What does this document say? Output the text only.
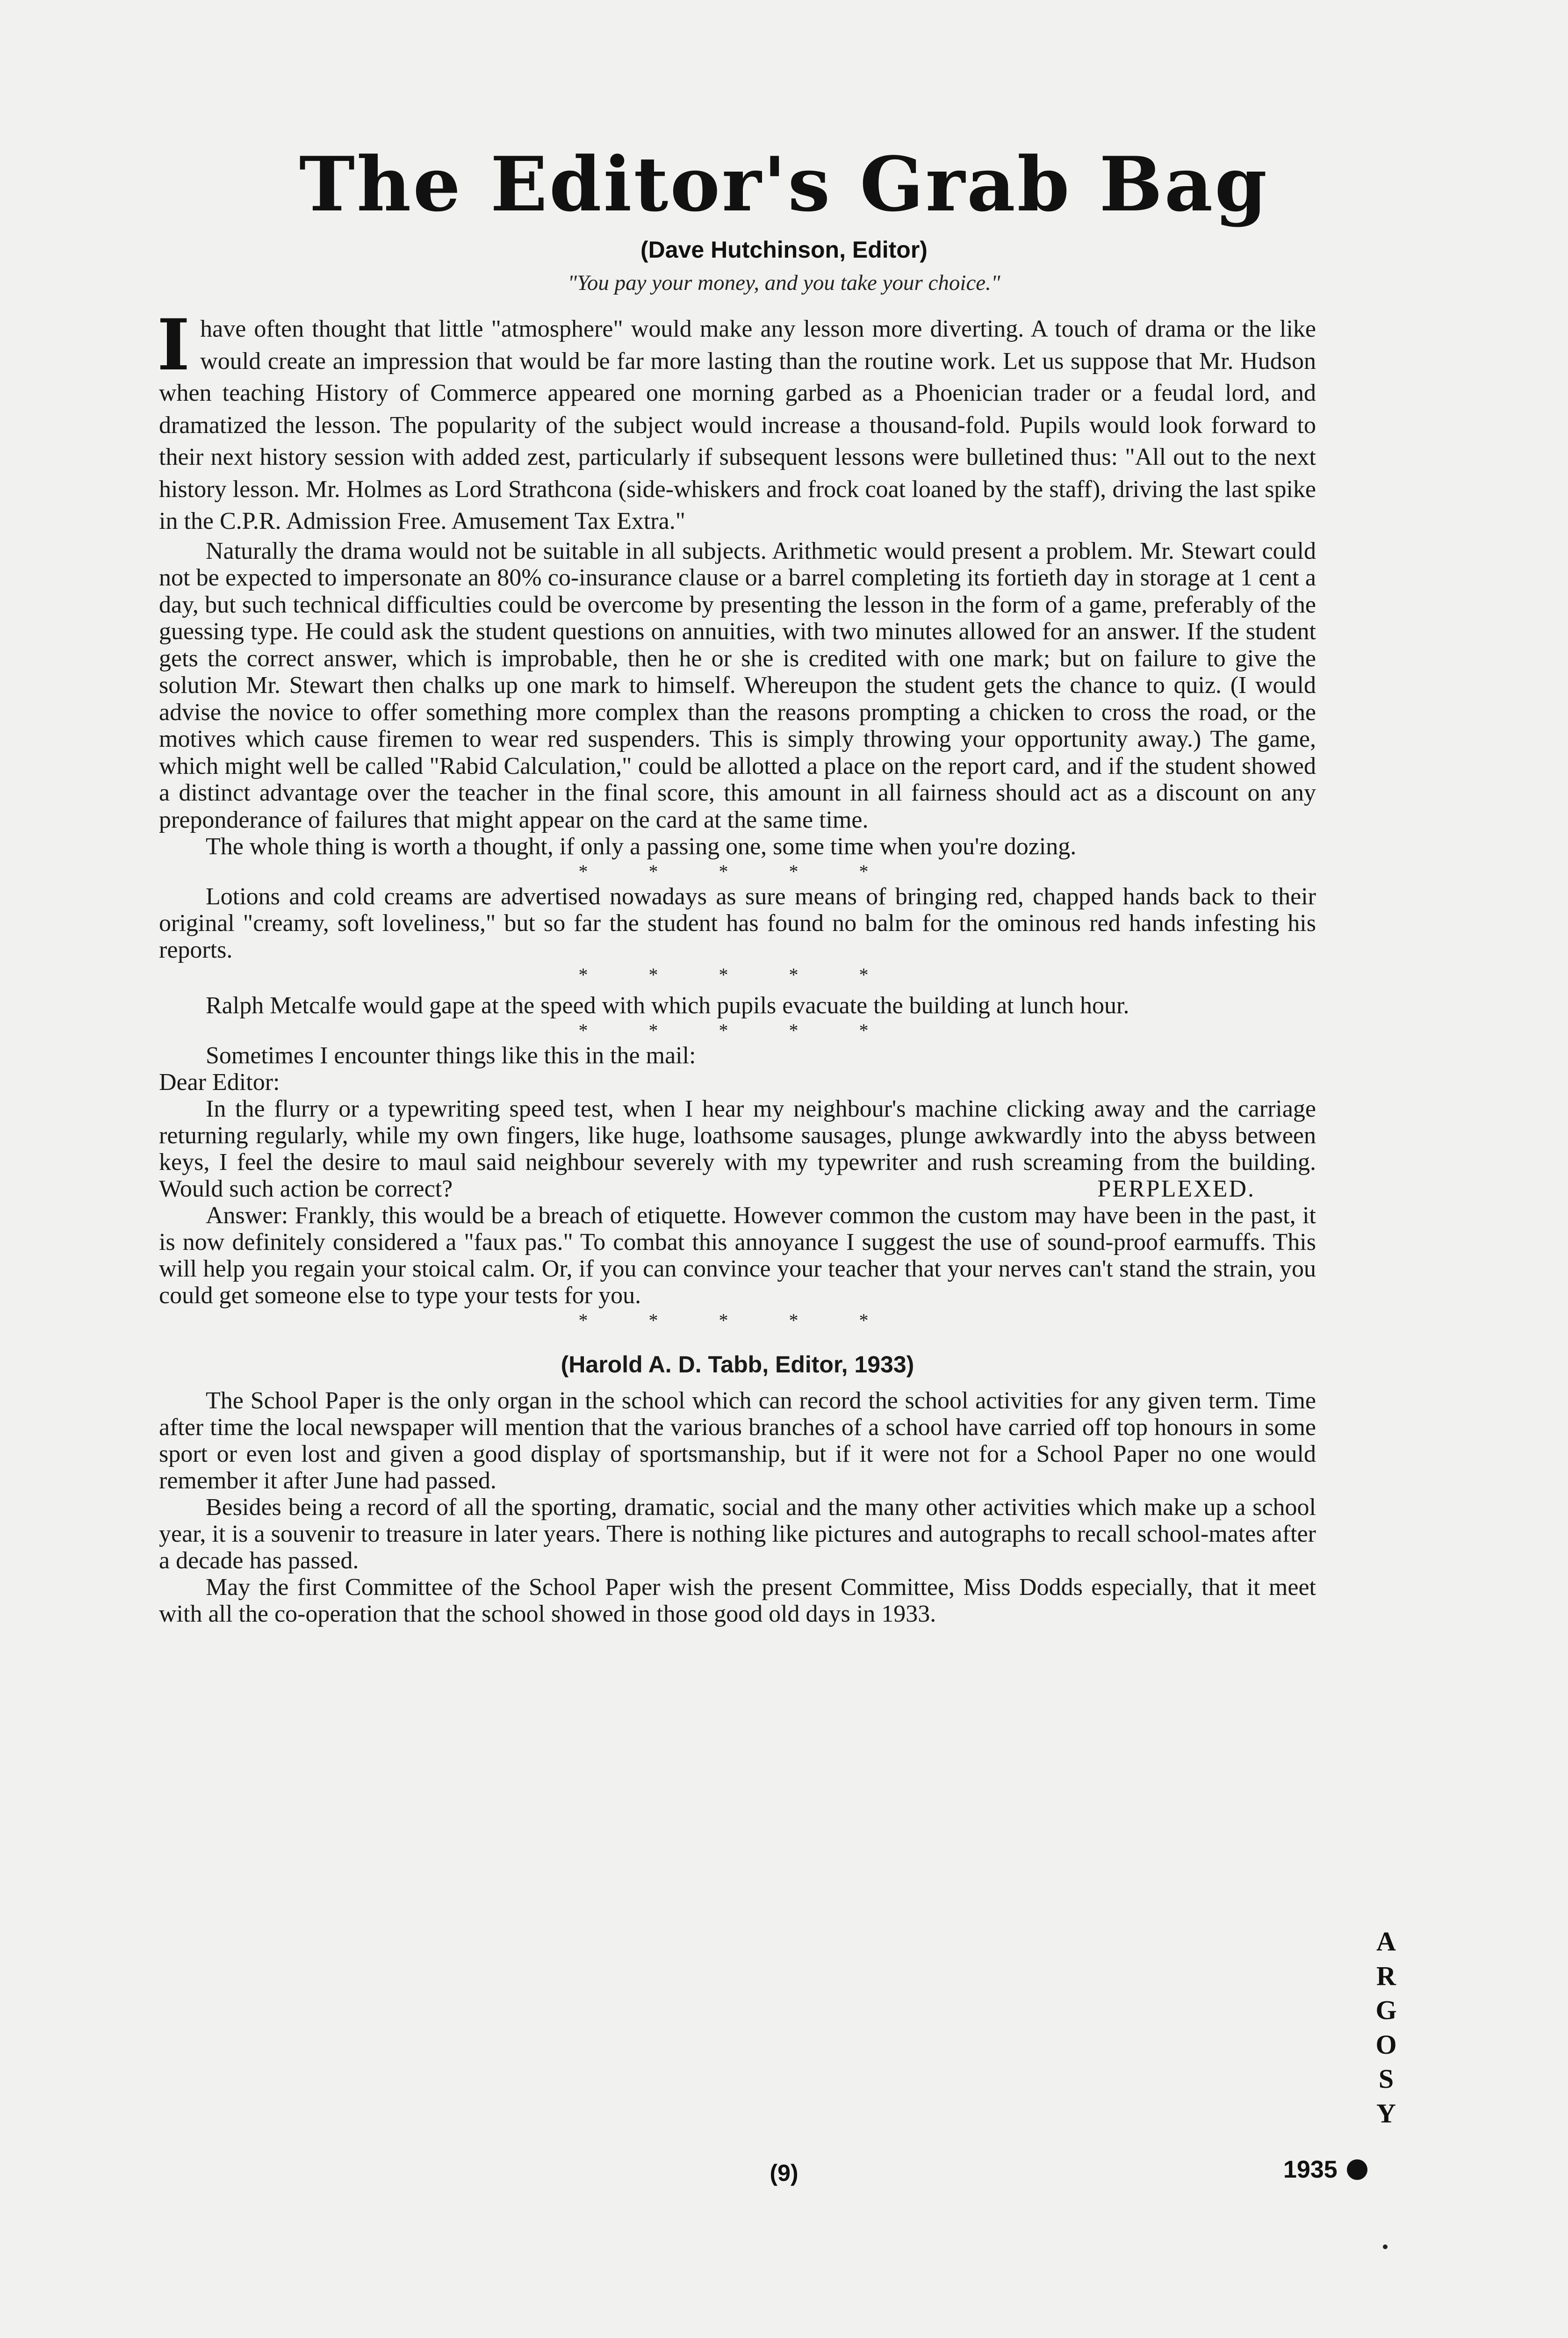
The Editor's Grab Bag
(Dave Hutchinson, Editor)
"You pay your money, and you take your choice."

Ihave often thought that little "atmosphere" would make any lesson more diverting. A touch of drama or the like would create an impression that would be far more lasting than the routine work. Let us suppose that Mr. Hudson when teaching History of Commerce appeared one morning garbed as a Phoenician trader or a feudal lord, and dramatized the lesson. The popularity of the subject would increase a thousand-fold. Pupils would look forward to their next history session with added zest, particularly if subsequent lessons were bulletined thus: "All out to the next history lesson. Mr. Holmes as Lord Strathcona (side-whiskers and frock coat loaned by the staff), driving the last spike in the C.P.R. Admission Free. Amusement Tax Extra."

Naturally the drama would not be suitable in all subjects. Arithmetic would present a problem. Mr. Stewart could not be expected to impersonate an 80% co-insurance clause or a barrel completing its fortieth day in storage at 1 cent a day, but such technical difficulties could be overcome by presenting the lesson in the form of a game, preferably of the guessing type. He could ask the student questions on annuities, with two minutes allowed for an answer. If the student gets the correct answer, which is improbable, then he or she is credited with one mark; but on failure to give the solution Mr. Stewart then chalks up one mark to himself. Whereupon the student gets the chance to quiz. (I would advise the novice to offer something more complex than the reasons prompting a chicken to cross the road, or the motives which cause firemen to wear red suspenders. This is simply throwing your opportunity away.) The game, which might well be called "Rabid Calculation," could be allotted a place on the report card, and if the student showed a distinct advantage over the teacher in the final score, this amount in all fairness should act as a discount on any preponderance of failures that might appear on the card at the same time.

The whole thing is worth a thought, if only a passing one, some time when you're dozing.

* * * * *

Lotions and cold creams are advertised nowadays as sure means of bringing red, chapped hands back to their original "creamy, soft loveliness," but so far the student has found no balm for the ominous red hands infesting his reports.

* * * * *

Ralph Metcalfe would gape at the speed with which pupils evacuate the building at lunch hour.

* * * * *

Sometimes I encounter things like this in the mail:

Dear Editor:

In the flurry or a typewriting speed test, when I hear my neighbour's machine clicking away and the carriage returning regularly, while my own fingers, like huge, loathsome sausages, plunge awkwardly into the abyss between keys, I feel the desire to maul said neighbour severely with my typewriter and rush screaming from the building. Would such action be correct?	PERPLEXED.

Answer: Frankly, this would be a breach of etiquette. However common the custom may have been in the past, it is now definitely considered a "faux pas." To combat this annoyance I suggest the use of sound-proof earmuffs. This will help you regain your stoical calm. Or, if you can convince your teacher that your nerves can't stand the strain, you could get someone else to type your tests for you.

* * * * *

(Harold A. D. Tabb, Editor, 1933)

The School Paper is the only organ in the school which can record the school activities for any given term. Time after time the local newspaper will mention that the various branches of a school have carried off top honours in some sport or even lost and given a good display of sportsmanship, but if it were not for a School Paper no one would remember it after June had passed.

Besides being a record of all the sporting, dramatic, social and the many other activities which make up a school year, it is a souvenir to treasure in later years. There is nothing like pictures and autographs to recall school-mates after a decade has passed.

May the first Committee of the School Paper wish the present Committee, Miss Dodds especially, that it meet with all the co-operation that the school showed in those good old days in 1933.

A
R
G
O
S
Y
(9)	1935
